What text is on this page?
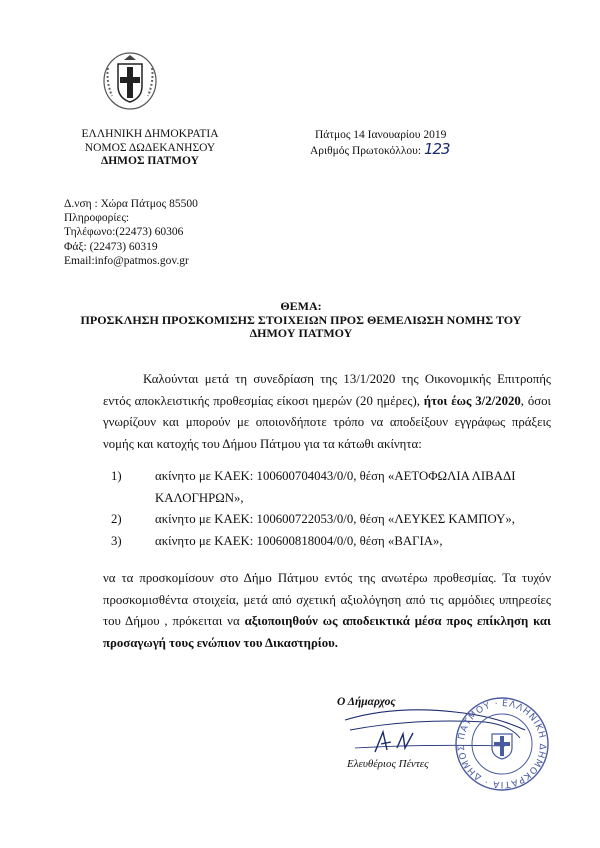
ΕΛΛΗΝΙΚΗ ΔΗΜΟΚΡΑΤΙΑ
ΝΟΜΟΣ ΔΩΔΕΚΑΝΗΣΟΥ
ΔΗΜΟΣ ΠΑΤΜΟΥ
Πάτμος 14 Ιανουαρίου 2019
Αριθμός Πρωτοκόλλου: 123
Δ.νση : Χώρα Πάτμος 85500
Πληροφορίες:
Τηλέφωνο:(22473) 60306
Φάξ: (22473) 60319
Email:info@patmos.gov.gr
ΘΕΜΑ:
ΠΡΟΣΚΛΗΣΗ ΠΡΟΣΚΟΜΙΣΗΣ ΣΤΟΙΧΕΙΩΝ ΠΡΟΣ ΘΕΜΕΛΙΩΣΗ ΝΟΜΗΣ ΤΟΥ
ΔΗΜΟΥ ΠΑΤΜΟΥ
Καλούνται μετά τη συνεδρίαση της 13/1/2020 της Οικονομικής Επιτροπής εντός αποκλειστικής προθεσμίας είκοσι ημερών (20 ημέρες), ήτοι έως 3/2/2020, όσοι γνωρίζουν και μπορούν με οποιονδήποτε τρόπο να αποδείξουν εγγράφως πράξεις νομής και κατοχής του Δήμου Πάτμου για τα κάτωθι ακίνητα:
1)	ακίνητο με ΚΑΕΚ: 100600704043/0/0, θέση «ΑΕΤΟΦΩΛΙΑ ΛΙΒΑΔΙ ΚΑΛΟΓΗΡΩΝ»,
2)	ακίνητο με ΚΑΕΚ: 100600722053/0/0, θέση «ΛΕΥΚΕΣ ΚΑΜΠΟΥ»,
3)	ακίνητο με ΚΑΕΚ: 100600818004/0/0, θέση «ΒΑΓΙΑ»,
να τα προσκομίσουν στο Δήμο Πάτμου εντός της ανωτέρω προθεσμίας. Τα τυχόν προσκομισθέντα στοιχεία, μετά από σχετική αξιολόγηση από τις αρμόδιες υπηρεσίες του Δήμου , πρόκειται να αξιοποιηθούν ως αποδεικτικά μέσα προς επίκληση και προσαγωγή τους ενώπιον του Δικαστηρίου.
Ο Δήμαρχος	ΕΛΛΗΝΙΚΗ ΔΗΜΟΚΡΑΤΙΑ · ΔΗΜΟΣ ΠΑΤΜΟΥ ·
Ελευθέριος Πέντες
